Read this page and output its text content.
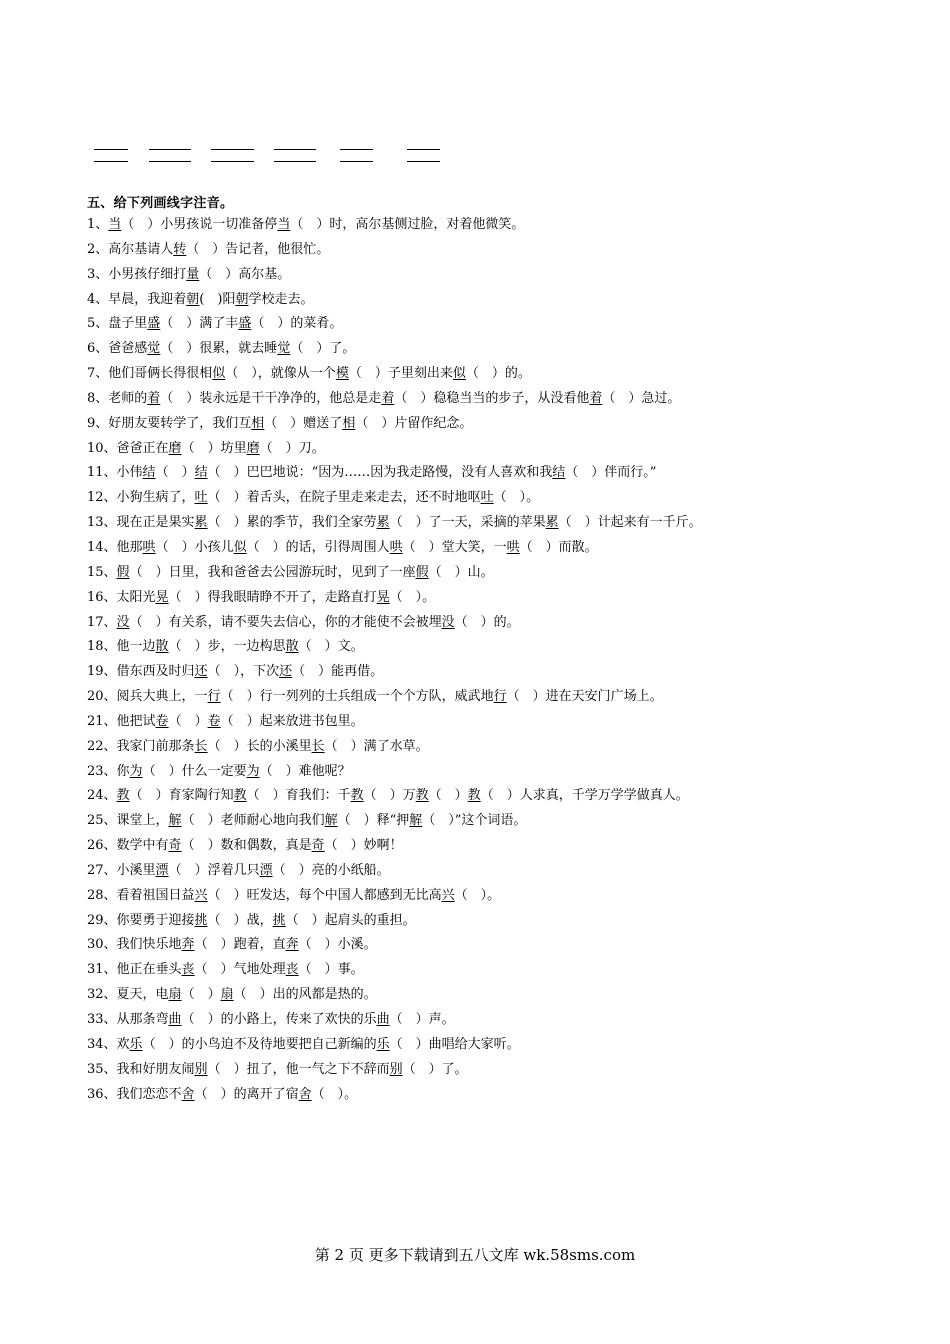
五、给下列画线字注音。
1、当（　）小男孩说一切准备停当（　）时，高尔基侧过脸，对着他微笑。
2、高尔基请人转（　）告记者，他很忙。
3、小男孩仔细打量（　）高尔基。
4、早晨，我迎着朝(　)阳朝学校走去。
5、盘子里盛（　）满了丰盛（　）的菜肴。
6、爸爸感觉（　）很累，就去睡觉（　）了。
7、他们哥俩长得很相似（　），就像从一个模（　）子里刻出来似（　）的。
8、老师的着（　）装永远是干干净净的，他总是走着（　）稳稳当当的步子，从没看他着（　）急过。
9、好朋友要转学了，我们互相（　）赠送了相（　）片留作纪念。
10、爸爸正在磨（　）坊里磨（　）刀。
11、小伟结（　）结（　）巴巴地说：“因为……因为我走路慢，没有人喜欢和我结（　）伴而行。”
12、小狗生病了，吐（　）着舌头，在院子里走来走去，还不时地呕吐（　）。
13、现在正是果实累（　）累的季节，我们全家劳累（　）了一天，采摘的苹果累（　）计起来有一千斤。
14、他那哄（　）小孩儿似（　）的话，引得周围人哄（　）堂大笑，一哄（　）而散。
15、假（　）日里，我和爸爸去公园游玩时，见到了一座假（　）山。
16、太阳光晃（　）得我眼睛睁不开了，走路直打晃（　）。
17、没（　）有关系，请不要失去信心，你的才能使不会被埋没（　）的。
18、他一边散（　）步，一边构思散（　）文。
19、借东西及时归还（　），下次还（　）能再借。
20、阅兵大典上，一行（　）行一列列的士兵组成一个个方队，威武地行（　）进在天安门广场上。
21、他把试卷（　）卷（　）起来放进书包里。
22、我家门前那条长（　）长的小溪里长（　）满了水草。
23、你为（　）什么一定要为（　）难他呢？
24、教（　）育家陶行知教（　）育我们：千教（　）万教（　）教（　）人求真，千学万学学做真人。
25、课堂上，解（　）老师耐心地向我们解（　）释“押解（　）”这个词语。
26、数学中有奇（　）数和偶数，真是奇（　）妙啊！
27、小溪里漂（　）浮着几只漂（　）亮的小纸船。
28、看着祖国日益兴（　）旺发达，每个中国人都感到无比高兴（　）。
29、你要勇于迎接挑（　）战，挑（　）起肩头的重担。
30、我们快乐地奔（　）跑着，直奔（　）小溪。
31、他正在垂头丧（　）气地处理丧（　）事。
32、夏天，电扇（　）扇（　）出的风都是热的。
33、从那条弯曲（　）的小路上，传来了欢快的乐曲（　）声。
34、欢乐（　）的小鸟迫不及待地要把自己新编的乐（　）曲唱给大家听。
35、我和好朋友闹别（　）扭了，他一气之下不辞而别（　）了。
36、我们恋恋不舍（　）的离开了宿舍（　）。
第 2 页 更多下载请到五八文库 wk.58sms.com
